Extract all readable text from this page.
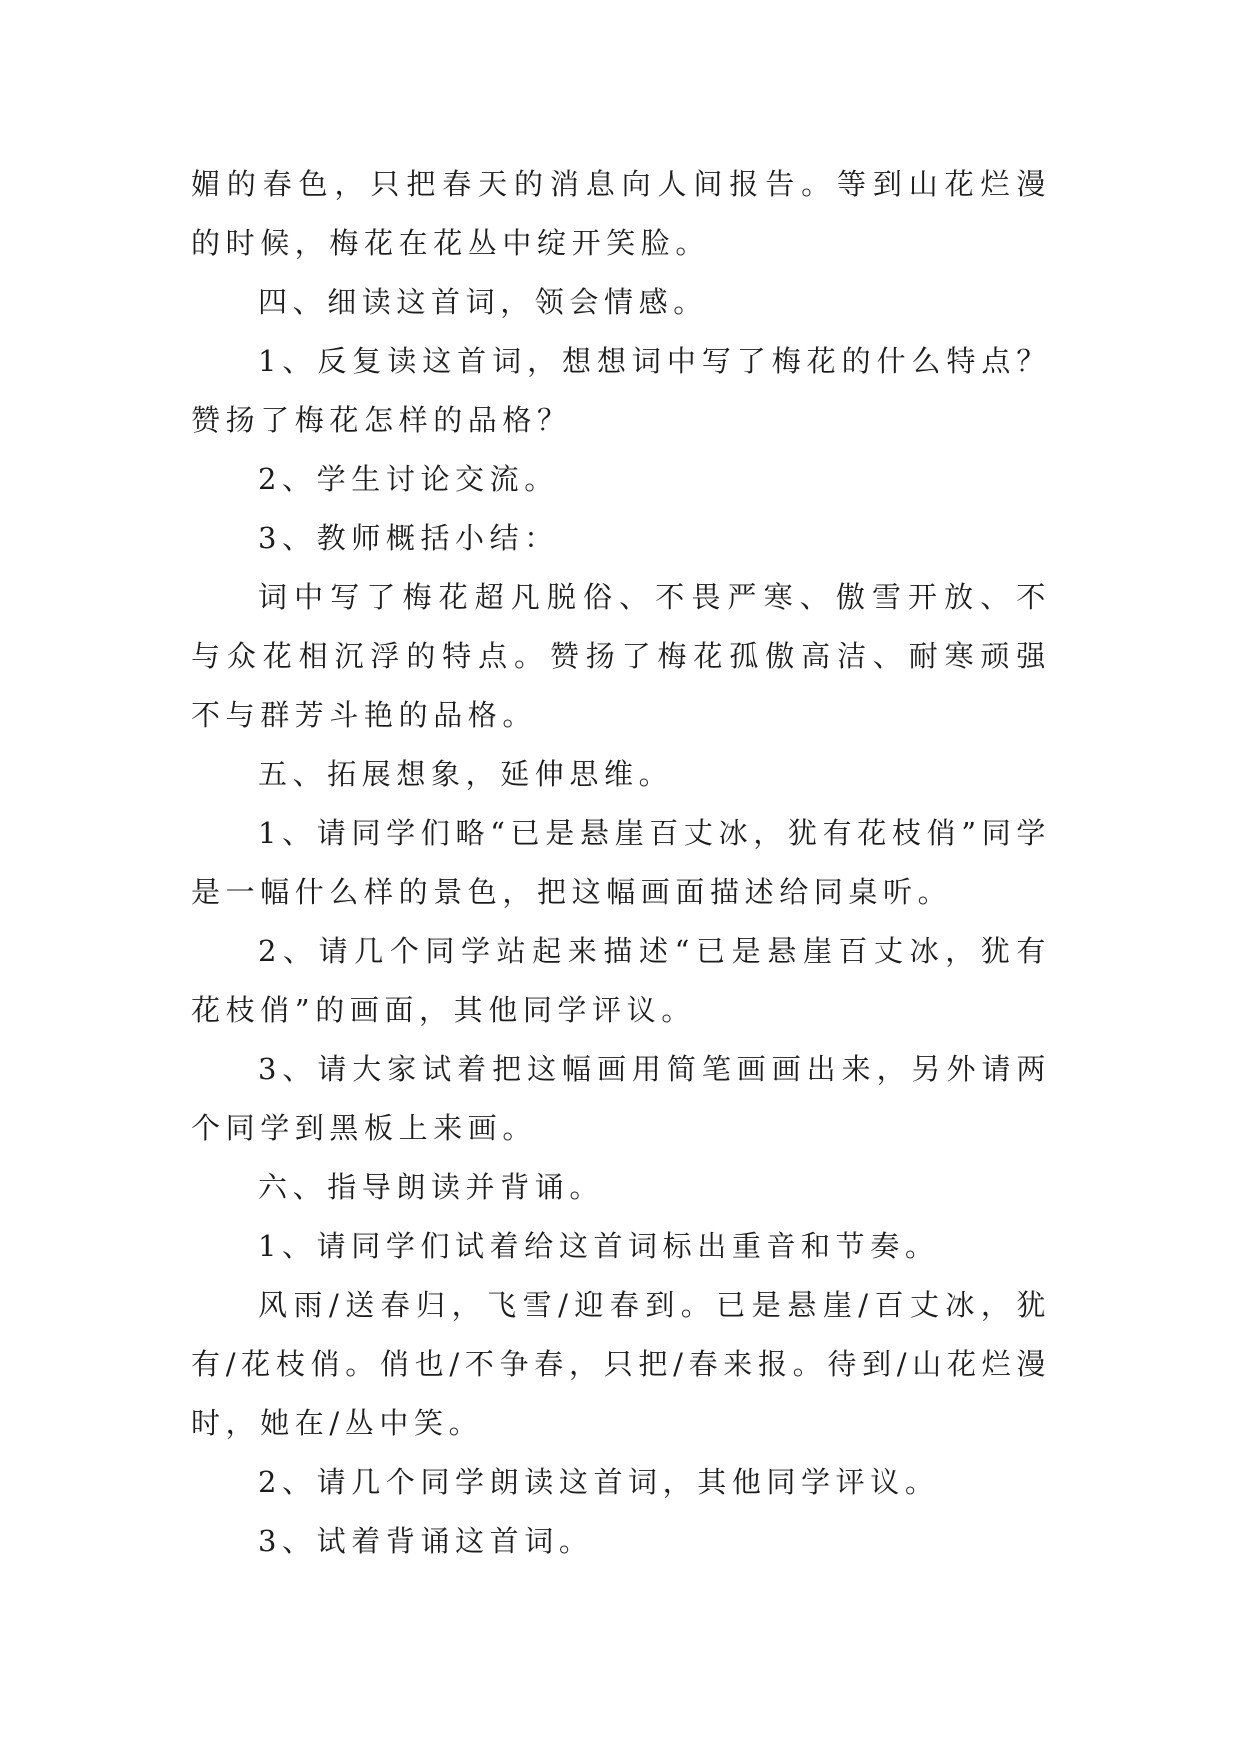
媚的春色，只把春天的消息向人间报告。等到山花烂漫的时候，梅花在花丛中绽开笑脸。

四、细读这首词，领会情感。

1、反复读这首词，想想词中写了梅花的什么特点？赞扬了梅花怎样的品格？

2、学生讨论交流。

3、教师概括小结：

词中写了梅花超凡脱俗、不畏严寒、傲雪开放、不与众花相沉浮的特点。赞扬了梅花孤傲高洁、耐寒顽强不与群芳斗艳的品格。

五、拓展想象，延伸思维。

1、请同学们略“已是悬崖百丈冰，犹有花枝俏”同学是一幅什么样的景色，把这幅画面描述给同桌听。

2、请几个同学站起来描述“已是悬崖百丈冰，犹有花枝俏”的画面，其他同学评议。

3、请大家试着把这幅画用简笔画画出来，另外请两个同学到黑板上来画。

六、指导朗读并背诵。

1、请同学们试着给这首词标出重音和节奏。

风雨/送春归，飞雪/迎春到。已是悬崖/百丈冰，犹有/花枝俏。俏也/不争春，只把/春来报。待到/山花烂漫时，她在/丛中笑。

2、请几个同学朗读这首词，其他同学评议。

3、试着背诵这首词。
